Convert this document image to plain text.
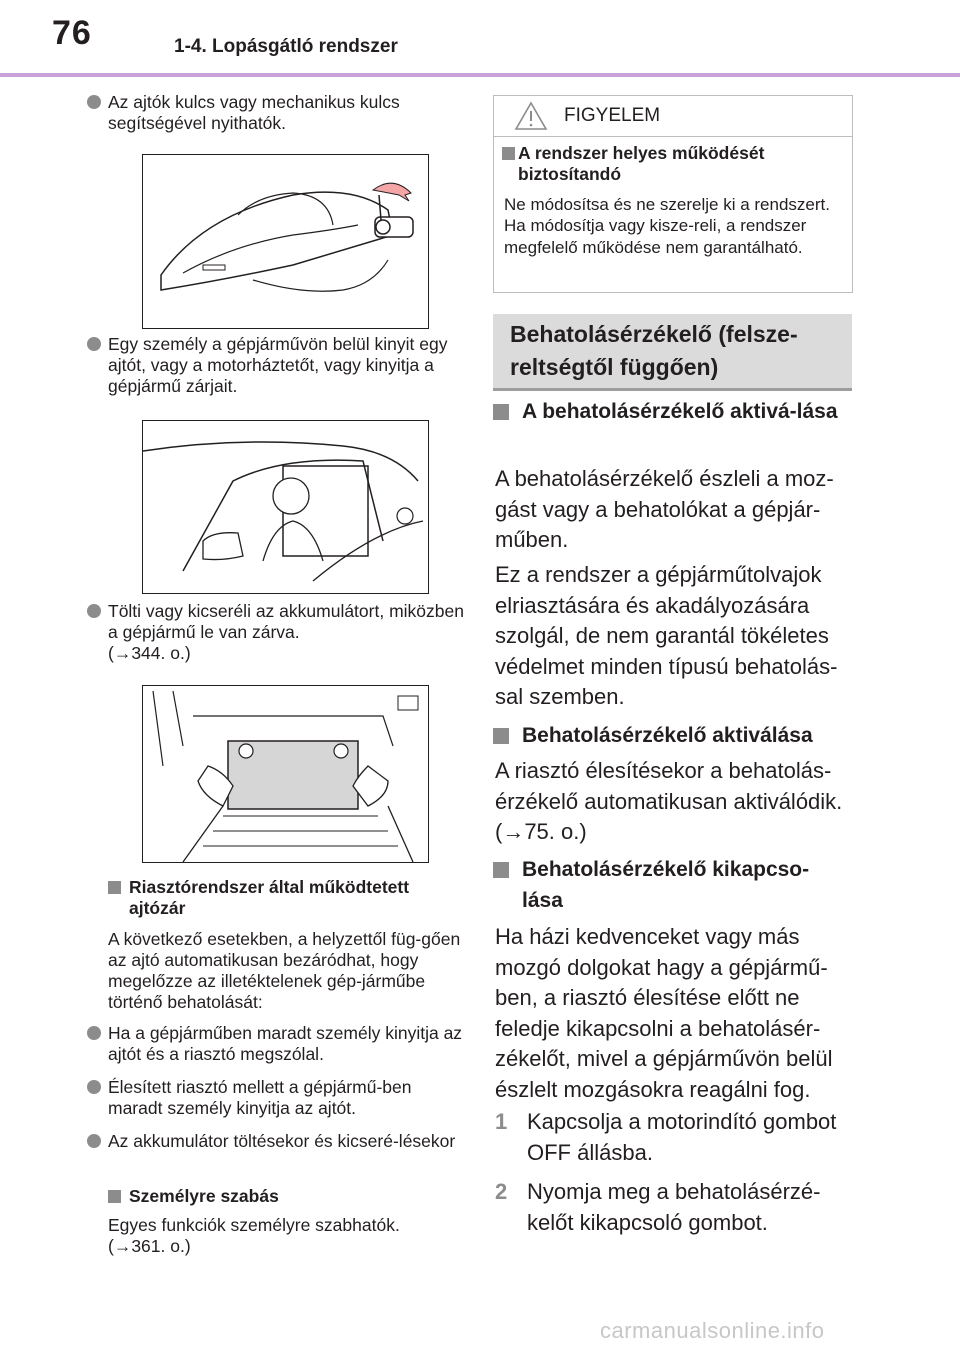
76	1-4. Lopásgátló rendszer
Az ajtók kulcs vagy mechanikus kulcs segítségével nyithatók.
Egy személy a gépjárművön belül kinyit egy ajtót, vagy a motorháztetőt, vagy kinyitja a gépjármű zárjait.
Tölti vagy kicseréli az akkumulátort, miközben a gépjármű le van zárva.
(→344. o.)
Riasztórendszer által működtetett ajtózár
A következő esetekben, a helyzettől füg-gően az ajtó automatikusan bezáródhat, hogy megelőzze az illetéktelenek gép-járműbe történő behatolását:
Ha a gépjárműben maradt személy kinyitja az ajtót és a riasztó megszólal.
Élesített riasztó mellett a gépjármű-ben maradt személy kinyitja az ajtót.
Az akkumulátor töltésekor és kicseré-lésekor
Személyre szabás
Egyes funkciók személyre szabhatók.
(→361. o.)
FIGYELEM
A rendszer helyes működését biztosítandó
Ne módosítsa és ne szerelje ki a rendszert. Ha módosítja vagy kisze-reli, a rendszer megfelelő működése nem garantálható.
Behatolásérzékelő (felsze-reltségtől függően)
A behatolásérzékelő aktivá-lása
A behatolásérzékelő észleli a moz-gást vagy a behatolókat a gépjár-műben.
Ez a rendszer a gépjárműtolvajok elriasztására és akadályozására szolgál, de nem garantál tökéletes védelmet minden típusú behatolás-sal szemben.
Behatolásérzékelő aktiválása
A riasztó élesítésekor a behatolás-érzékelő automatikusan aktiválódik.
(→75. o.)
Behatolásérzékelő kikapcso-lása
Ha házi kedvenceket vagy más mozgó dolgokat hagy a gépjármű-ben, a riasztó élesítése előtt ne feledje kikapcsolni a behatolásér-zékelőt, mivel a gépjárművön belül észlelt mozgásokra reagálni fog.
1 Kapcsolja a motorindító gombot OFF állásba.
2 Nyomja meg a behatolásérzé-kelőt kikapcsoló gombot.
carmanualsonline.info
